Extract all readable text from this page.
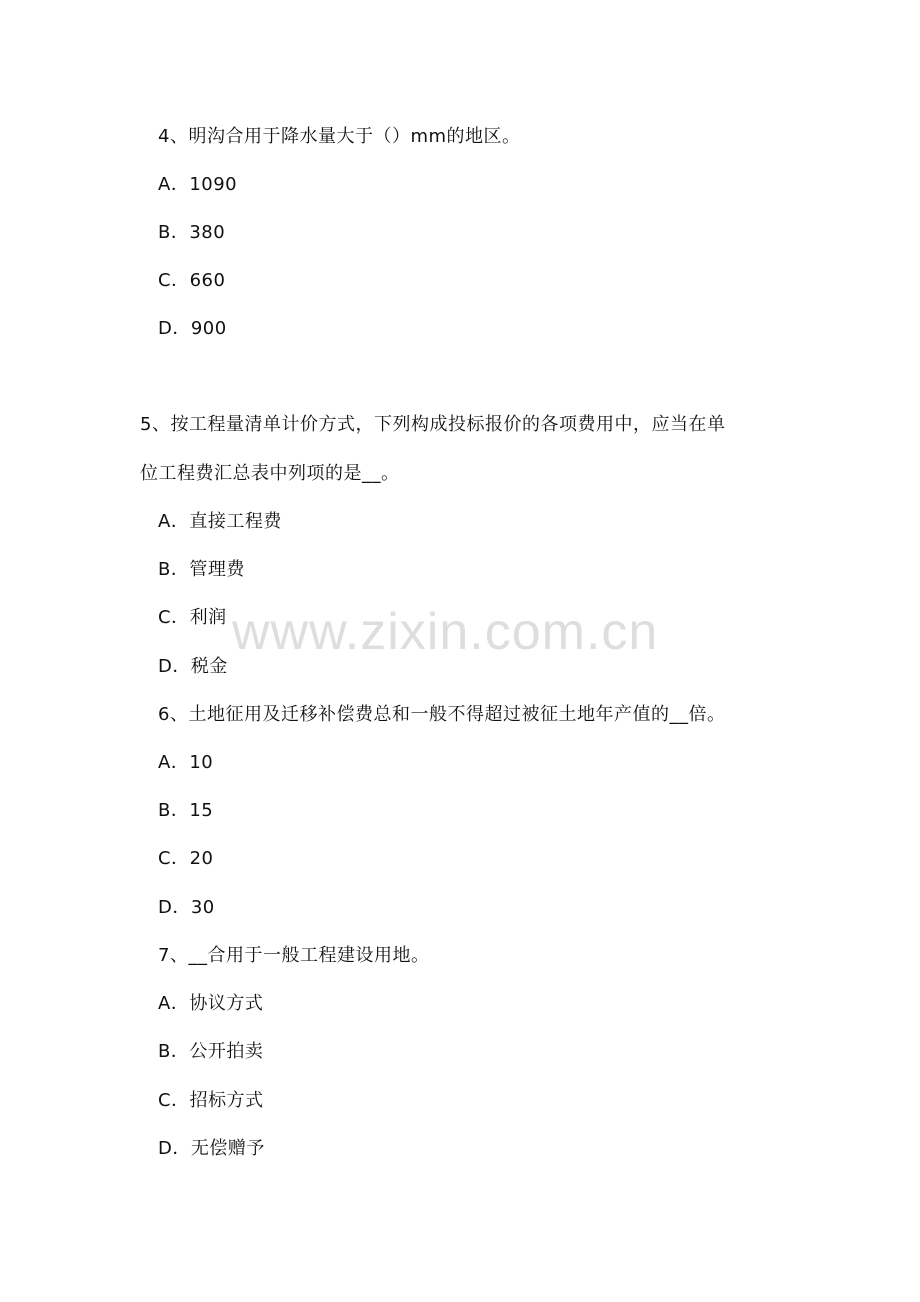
4、明沟合用于降水量大于（）mm的地区。
A．1090
B．380
C．660
D．900
5、按工程量清单计价方式，下列构成投标报价的各项费用中，应当在单
位工程费汇总表中列项的是__。
A．直接工程费
B．管理费
C．利润
D．税金
6、土地征用及迁移补偿费总和一般不得超过被征土地年产值的__倍。
A．10
B．15
C．20
D．30
7、__合用于一般工程建设用地。
A．协议方式
B．公开拍卖
C．招标方式
D．无偿赠予
www.zixin.com.cn
